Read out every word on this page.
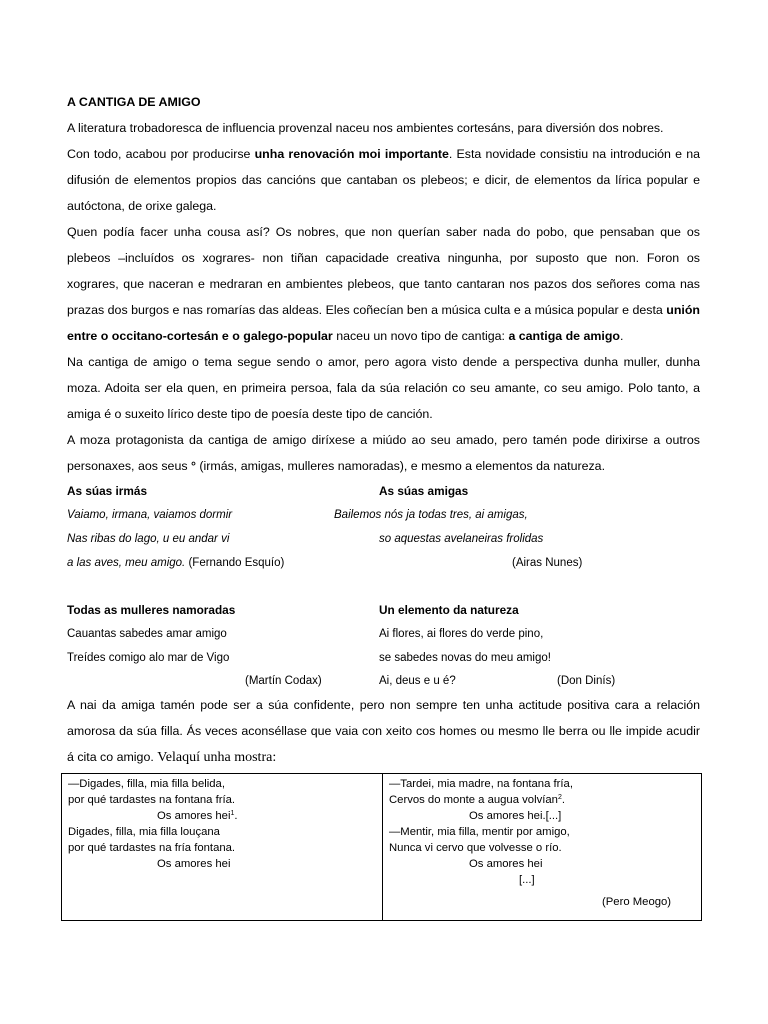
A CANTIGA DE AMIGO

A literatura trobadoresca de influencia provenzal naceu nos ambientes cortesáns, para diversión dos nobres.

Con todo, acabou por producirse unha renovación moi importante. Esta novidade consistiu na introdución e na

difusión de elementos propios das cancións que cantaban os plebeos; e dicir, de elementos da lírica popular e

autóctona, de orixe galega.

Quen podía facer unha cousa así? Os nobres, que non querían saber nada do pobo, que pensaban que os

plebeos –incluídos os xograres- non tiñan capacidade creativa ningunha, por suposto que non. Foron os

xograres, que naceran e medraran en ambientes plebeos, que tanto cantaran nos pazos dos señores coma nas

prazas dos burgos e nas romarías das aldeas. Eles coñecían ben a música culta e a música popular e desta unión

entre o occitano-cortesán e o galego-popular naceu un novo tipo de cantiga: a cantiga de amigo.

Na cantiga de amigo o tema segue sendo o amor, pero agora visto dende a perspectiva dunha muller, dunha

moza. Adoita ser ela quen, en primeira persoa, fala da súa relación co seu amante, co seu amigo. Polo tanto, a

amiga é o suxeito lírico deste tipo de poesía deste tipo de canción.

A moza protagonista da cantiga de amigo diríxese a miúdo ao seu amado, pero tamén pode dirixirse a outros

personaxes, aos seus ° (irmás, amigas, mulleres namoradas), e mesmo a elementos da natureza.

As súas irmás
Vaiamo, irmana, vaiamos dormir
Nas ribas do lago, u eu andar vi
a las aves, meu amigo. (Fernando Esquío)
As súas amigas
Bailemos nós ja todas tres, ai amigas,
so aquestas avelaneiras frolidas
(Airas Nunes)
Todas as mulleres namoradas
Cauantas sabedes amar amigo
Treídes comigo alo mar de Vigo
(Martín Codax)
Un elemento da natureza
Ai flores, ai flores do verde pino,
se sabedes novas do meu amigo!
Ai, deus e u é?	(Don Dinís)

A nai da amiga tamén pode ser a súa confidente, pero non sempre ten unha actitude positiva cara a relación

amorosa da súa filla. Ás veces aconséllase que vaia con xeito cos homes ou mesmo lle berra ou lle impide acudir

á cita co amigo. Velaquí unha mostra:

—Digades, filla, mia filla belida,
por qué tardastes na fontana fría.
Os amores hei$^1$.
Digades, filla, mia filla louçana
por qué tardastes na fría fontana.
Os amores hei
—Tardei, mia madre, na fontana fría,
Cervos do monte a augua volvían$^2$.
Os amores hei.[...]
—Mentir, mia filla, mentir por amigo,
Nunca vi cervo que volvesse o río.
Os amores hei
[...]
(Pero Meogo)
